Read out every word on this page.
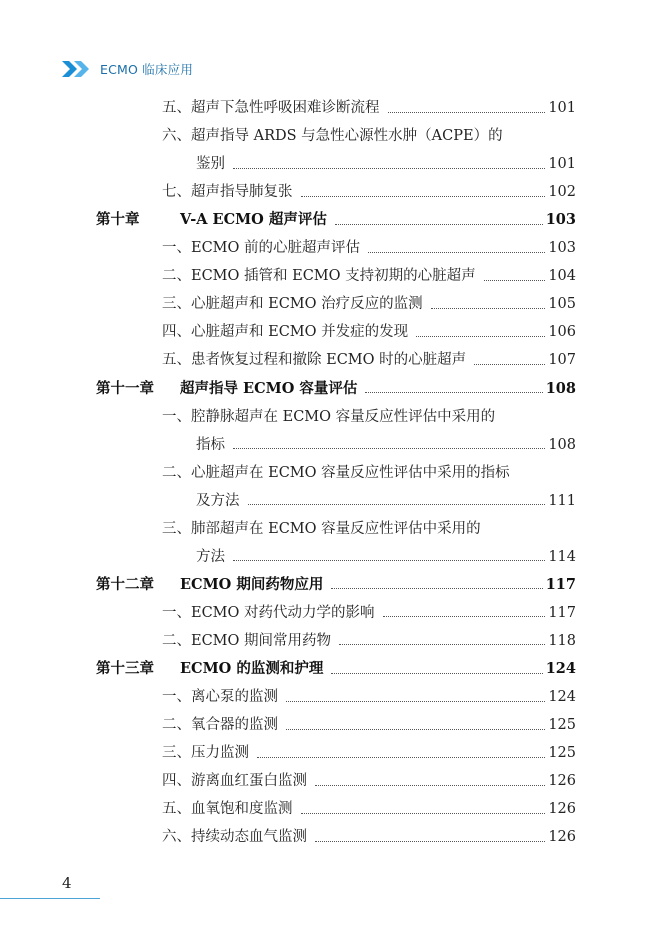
ECMO 临床应用
五、 超声下急性呼吸困难诊断流程	101
六、 超声指导 ARDS 与急性心源性水肿（ACPE）的
鉴别	101
七、 超声指导肺复张	102
第十章	V-A ECMO 超声评估	103
一、 ECMO 前的心脏超声评估	103
二、 ECMO 插管和 ECMO 支持初期的心脏超声	104
三、 心脏超声和 ECMO 治疗反应的监测	105
四、 心脏超声和 ECMO 并发症的发现	106
五、 患者恢复过程和撤除 ECMO 时的心脏超声	107
第十一章	超声指导 ECMO 容量评估	108
一、 腔静脉超声在 ECMO 容量反应性评估中采用的
指标	108
二、 心脏超声在 ECMO 容量反应性评估中采用的指标
及方法	111
三、 肺部超声在 ECMO 容量反应性评估中采用的
方法	114
第十二章	ECMO 期间药物应用	117
一、 ECMO 对药代动力学的影响	117
二、 ECMO 期间常用药物	118
第十三章	ECMO 的监测和护理	124
一、 离心泵的监测	124
二、 氧合器的监测	125
三、 压力监测	125
四、 游离血红蛋白监测	126
五、 血氧饱和度监测	126
六、 持续动态血气监测	126
4
